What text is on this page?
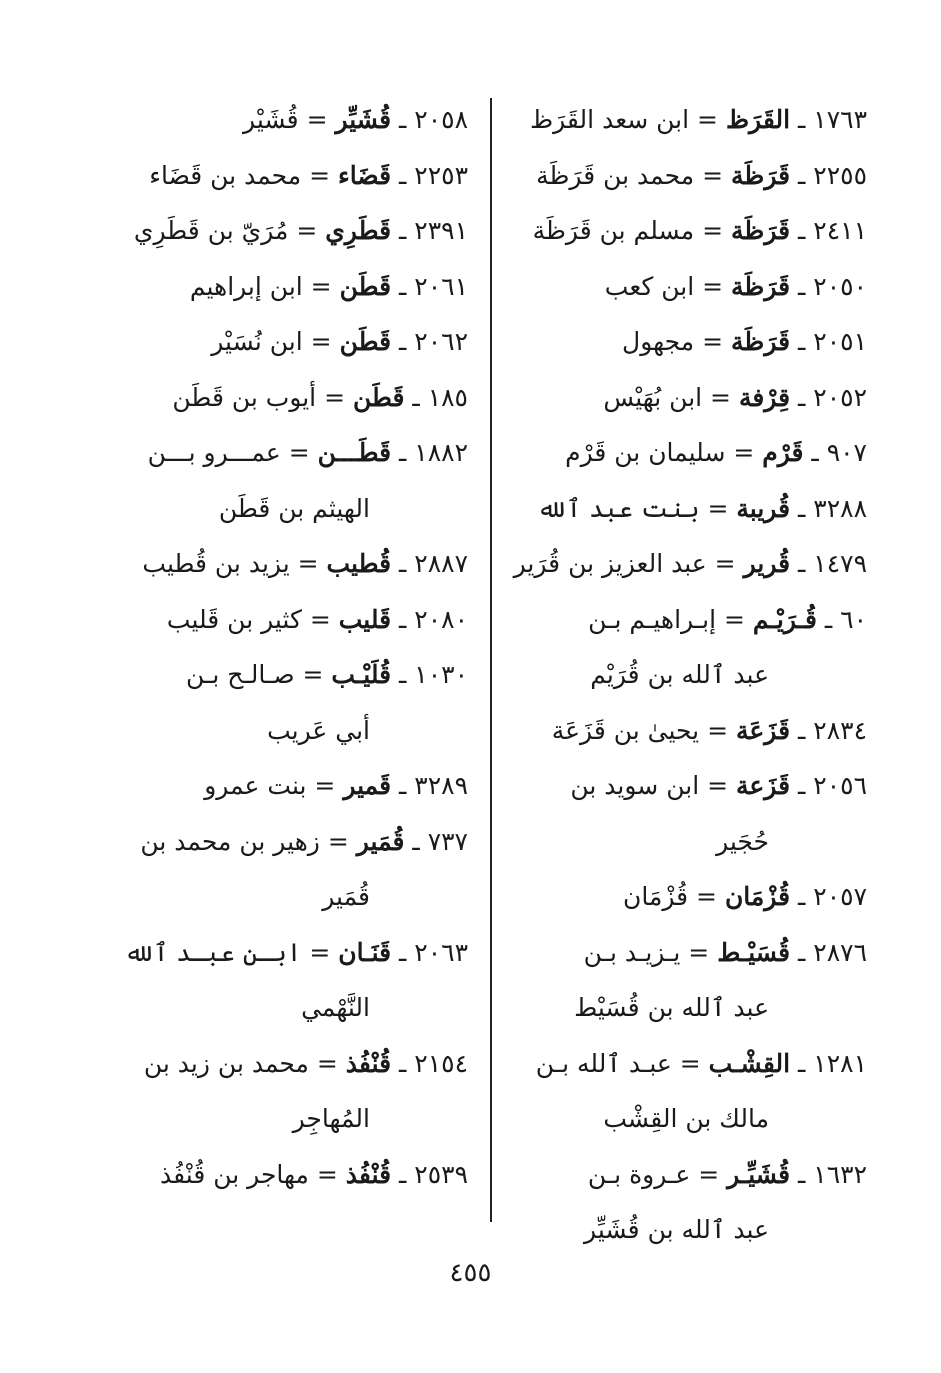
١٧٦٣ ـ القَرَظ = ابن سعد القَرَظ
٢٢٥٥ ـ قَرَظَة = محمد بن قَرَظَة
٢٤١١ ـ قَرَظَة = مسلم بن قَرَظَة
٢٠٥٠ ـ قَرَظَة = ابن كعب
٢٠٥١ ـ قَرَظَة = مجهول
٢٠٥٢ ـ قِرْفة = ابن بُهَيْس
٩٠٧ ـ قَرْم = سليمان بن قَرْم
٣٢٨٨ ـ قُريبة = بنت عبد ٱلله
١٤٧٩ ـ قُرير = عبد العزيز بن قُرَير
٦٠ ـ قُـرَيْـم = إبـراهيـم بـن
عبد ٱلله بن قُرَيْم
٢٨٣٤ ـ قَزَعَة = يحيىٰ بن قَزَعَة
٢٠٥٦ ـ قَزَعة = ابن سويد بن
حُجَير
٢٠٥٧ ـ قُزْمَان = قُزْمَان
٢٨٧٦ ـ قُسَيْـط = يـزيـد بـن
عبد ٱلله بن قُسَيْط
١٢٨١ ـ القِشْـب = عبـد ٱلله بـن
مالك بن القِشْب
١٦٣٢ ـ قُشَيِّـر = عـروة بـن
عبد ٱلله بن قُشَيِّر
٢٠٥٨ ـ قُشَيِّر = قُشَيْر
٢٢٥٣ ـ قَضَاء = محمد بن قَضَاء
٢٣٩١ ـ قَطَرِي = مُرَيّ بن قَطَرِي
٢٠٦١ ـ قَطَن = ابن إبراهيم
٢٠٦٢ ـ قَطَن = ابن نُسَيْر
١٨٥ ـ قَطَن = أيوب بن قَطَن
١٨٨٢ ـ قَطَـــن = عمـــرو بـــن
الهيثم بن قَطَن
٢٨٨٧ ـ قُطيب = يزيد بن قُطيب
٢٠٨٠ ـ قَليب = كثير بن قَليب
١٠٣٠ ـ قُلَيْـب = صـالـح بـن
أبي عَريب
٣٢٨٩ ـ قَمير = بنت عمرو
٧٣٧ ـ قُمَير = زهير بن محمد بن
قُمَير
٢٠٦٣ ـ قَنَـان = ابـن عبـد ٱلله
النَّهْمي
٢١٥٤ ـ قُنْفُذ = محمد بن زيد بن
المُهاجِر
٢٥٣٩ ـ قُنْفُذ = مهاجر بن قُنْفُذ
٤٥٥
